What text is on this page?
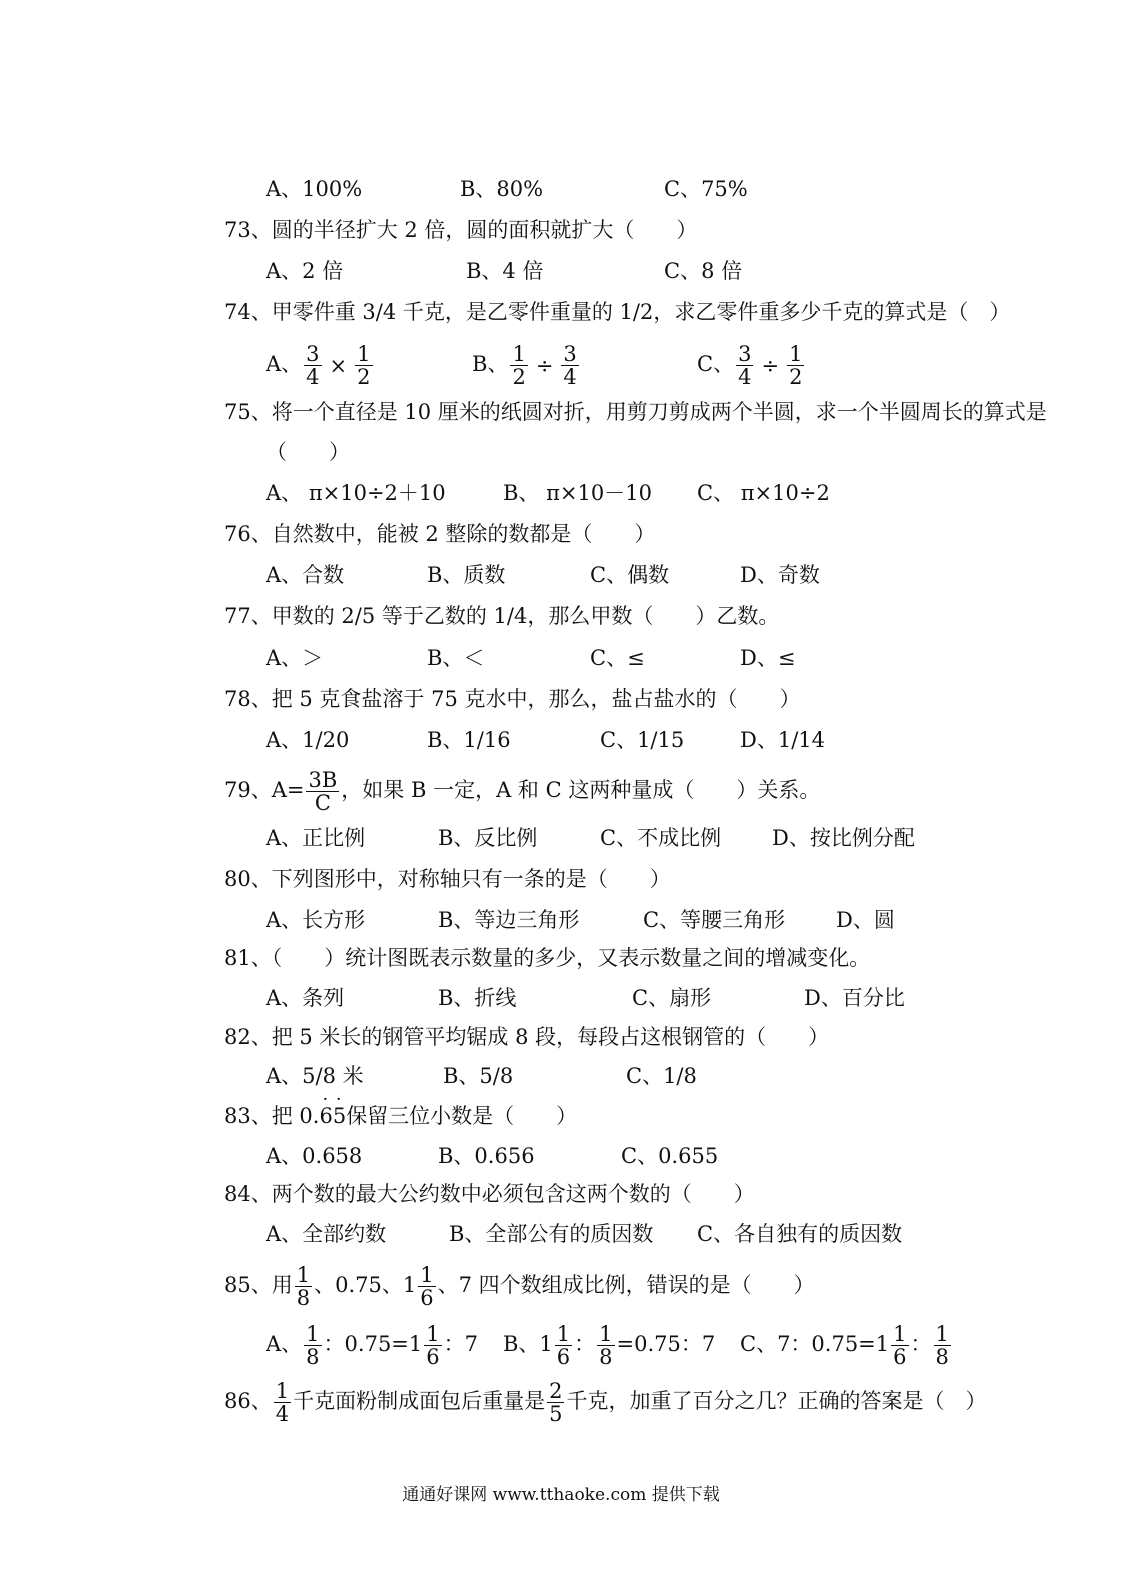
A、100%	B、80%	C、75%
73、圆的半径扩大 2 倍，圆的面积就扩大（　　）
A、2 倍	B、4 倍	C、8 倍
74、甲零件重 3/4 千克，是乙零件重量的 1/2，求乙零件重多少千克的算式是（　）
A、 $\frac{3}{4} \times \frac{1}{2}$	B、 $\frac{1}{2} \div \frac{3}{4}$	C、 $\frac{3}{4} \div \frac{1}{2}$
75、将一个直径是 10 厘米的纸圆对折，用剪刀剪成两个半圆，求一个半圆周长的算式是
（　　）
A、 π×10÷2＋10	B、 π×10－10 C、 π×10÷2
76、自然数中，能被 2 整除的数都是（　　）
A、合数	B、质数	C、偶数	D、奇数
77、甲数的 2/5 等于乙数的 1/4，那么甲数（　　）乙数。
A、＞	B、＜	C、≤	D、≤
78、把 5 克食盐溶于 75 克水中，那么，盐占盐水的（　　）
A、1/20	B、1/16	C、1/15	D、1/14
79、$A= \frac{3B}{C}$ ，如果 B 一定，A 和 C 这两种量成（　　）关系。
A、正比例	B、反比例	C、不成比例 D、按比例分配
80、下列图形中，对称轴只有一条的是（　　）
A、长方形	B、等边三角形	C、等腰三角形 D、圆
81、（　　）统计图既表示数量的多少，又表示数量之间的增减变化。
A、条列	B、折线	C、扇形	D、百分比
82、把 5 米长的钢管平均锯成 8 段，每段占这根钢管的（　　）
A、5/8 米	B、5/8	C、1/8
83、把 0.· 6· 5保留三位小数是（　　）
A、0.658	B、0.656	C、0.655
84、两个数的最大公约数中必须包含这两个数的（　　）
A、全部约数	B、全部公有的质因数 C、各自独有的质因数
85、用 $\frac{1}{8}$ 、0.75、$1 \frac{1}{6}$ 、7 四个数组成比例，错误的是（　　）
A、 $\frac{1}{8}$ ：$0.75=1 \frac{1}{6}$ ：7 B、$1 \frac{1}{6}$ ： $\frac{1}{8} =0.75$：7 C、7：$0.75=1 \frac{1}{6}$ ： $\frac{1}{8}$
86、 $\frac{1}{4}$ 千克面粉制成面包后重量是 $\frac{2}{5}$ 千克，加重了百分之几？正确的答案是（　）
通通好课网 www.tthaoke.com 提供下载
